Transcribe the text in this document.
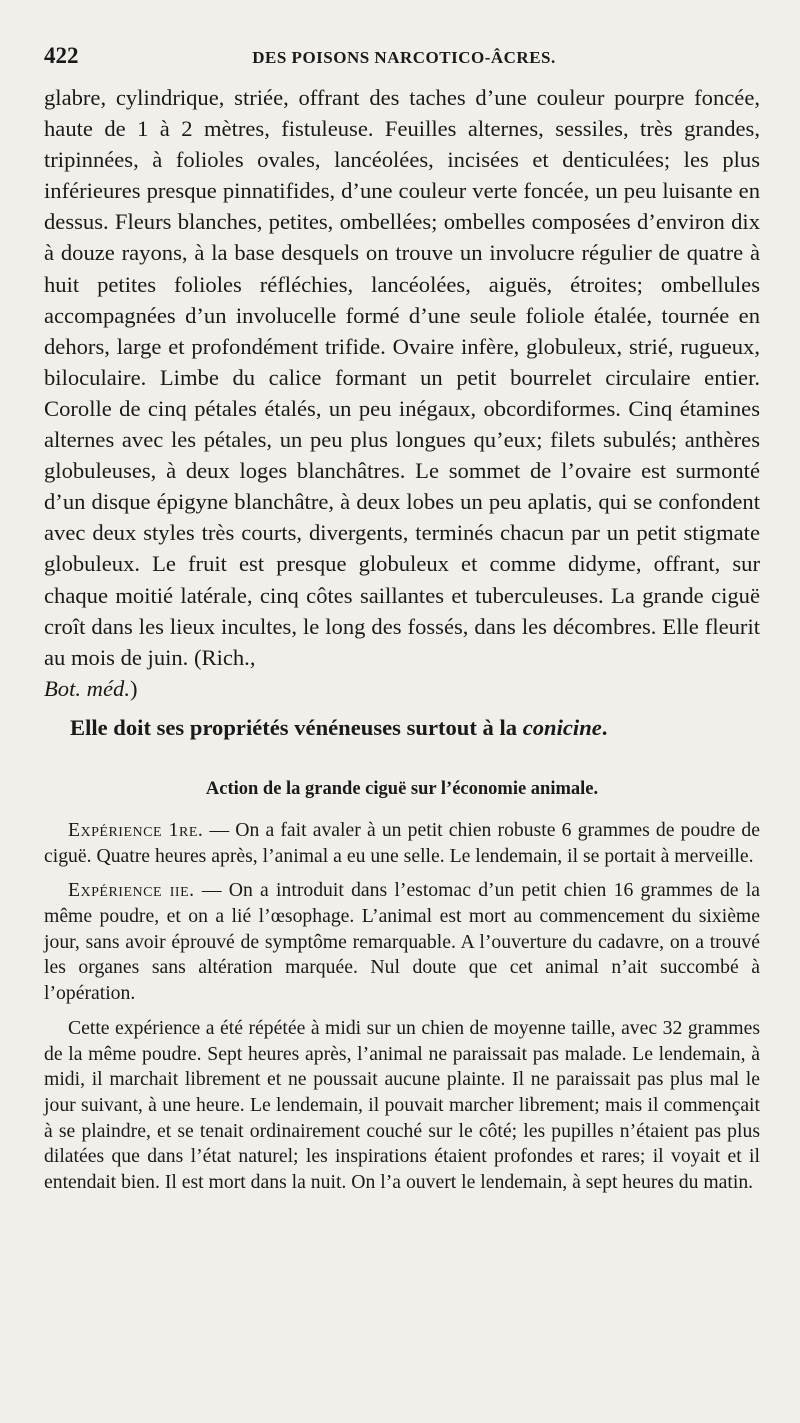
422	DES POISONS NARCOTICO-ÂCRES.

glabre, cylindrique, striée, offrant des taches d’une couleur pourpre foncée, haute de 1 à 2 mètres, fistuleuse. Feuilles alternes, sessiles, très grandes, tripinnées, à folioles ovales, lancéolées, incisées et denticulées; les plus inférieures presque pinnatifides, d’une couleur verte foncée, un peu luisante en dessus. Fleurs blanches, petites, ombellées; ombelles composées d’environ dix à douze rayons, à la base desquels on trouve un involucre régulier de quatre à huit petites folioles réfléchies, lancéolées, aiguës, étroites; ombellules accompagnées d’un involucelle formé d’une seule foliole étalée, tournée en dehors, large et profondément trifide. Ovaire infère, globuleux, strié, rugueux, biloculaire. Limbe du calice formant un petit bourrelet circulaire entier. Corolle de cinq pétales étalés, un peu inégaux, obcordiformes. Cinq étamines alternes avec les pétales, un peu plus longues qu’eux; filets subulés; anthères globuleuses, à deux loges blanchâtres. Le sommet de l’ovaire est surmonté d’un disque épigyne blanchâtre, à deux lobes un peu aplatis, qui se confondent avec deux styles très courts, divergents, terminés chacun par un petit stigmate globuleux. Le fruit est presque globuleux et comme didyme, offrant, sur chaque moitié latérale, cinq côtes saillantes et tuberculeuses. La grande ciguë croît dans les lieux incultes, le long des fossés, dans les décombres. Elle fleurit au mois de juin. (Rich.,
Bot. méd.)

Elle doit ses propriétés vénéneuses surtout à la conicine.

Action de la grande ciguë sur l’économie animale.

Expérience 1re. — On a fait avaler à un petit chien robuste 6 grammes de poudre de ciguë. Quatre heures après, l’animal a eu une selle. Le lendemain, il se portait à merveille.

Expérience iie. — On a introduit dans l’estomac d’un petit chien 16 grammes de la même poudre, et on a lié l’œsophage. L’animal est mort au commencement du sixième jour, sans avoir éprouvé de symptôme remarquable. A l’ouverture du cadavre, on a trouvé les organes sans altération marquée. Nul doute que cet animal n’ait succombé à l’opération.

Cette expérience a été répétée à midi sur un chien de moyenne taille, avec 32 grammes de la même poudre. Sept heures après, l’animal ne paraissait pas malade. Le lendemain, à midi, il marchait librement et ne poussait aucune plainte. Il ne paraissait pas plus mal le jour suivant, à une heure. Le lendemain, il pouvait marcher librement; mais il commençait à se plaindre, et se tenait ordinairement couché sur le côté; les pupilles n’étaient pas plus dilatées que dans l’état naturel; les inspirations étaient profondes et rares; il voyait et il entendait bien. Il est mort dans la nuit. On l’a ouvert le lendemain, à sept heures du matin.
